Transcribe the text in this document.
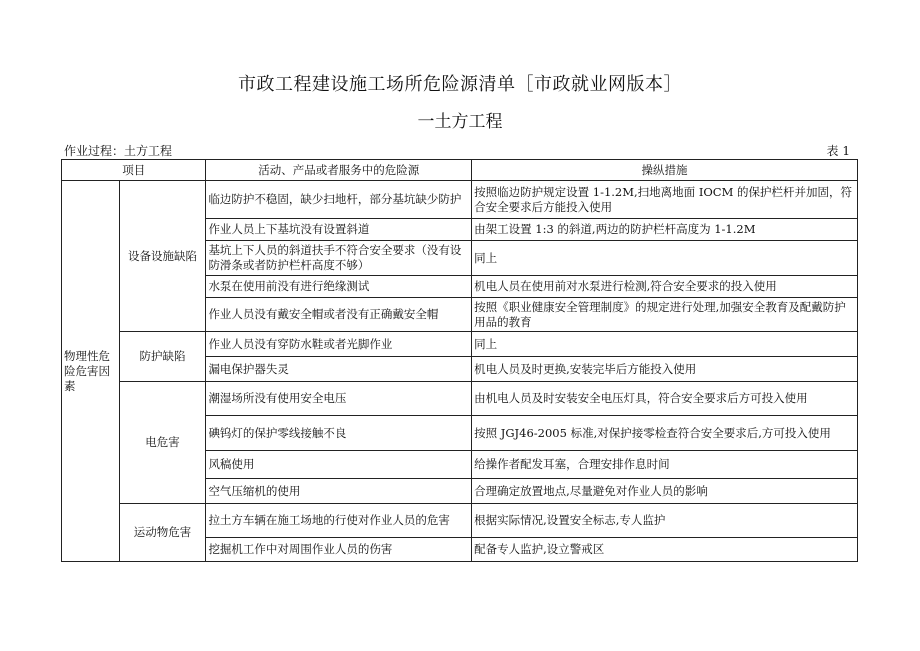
市政工程建设施工场所危险源清单［市政就业网版本］
一土方工程
作业过程：土方工程	表 1
项目		活动、产品或者服务中的危险源	操纵措施
物理性危险危害因素	设备设施缺陷	临边防护不稳固，缺少扫地杆，部分基坑缺少防护	按照临边防护规定设置 1-1.2M,扫地离地面 IOCM 的保护栏杆并加固，符合安全要求后方能投入使用
		作业人员上下基坑没有设置斜道	由架工设置 1:3 的斜道,两边的防护栏杆高度为 1-1.2M
		基坑上下人员的斜道扶手不符合安全要求（没有设防滑条或者防护栏杆高度不够）	同上
		水泵在使用前没有进行绝缘测试	机电人员在使用前对水泵进行检测,符合安全要求的投入使用
		作业人员没有戴安全帽或者没有正确戴安全帽	按照《职业健康安全管理制度》的规定进行处理,加强安全教育及配戴防护用品的教育
	防护缺陷	作业人员没有穿防水鞋或者光脚作业	同上
		漏电保护器失灵	机电人员及时更换,安装完毕后方能投入使用
	电危害	潮湿场所没有使用安全电压	由机电人员及时安装安全电压灯具，符合安全要求后方可投入使用
		碘钨灯的保护零线接触不良	按照 JGJ46-2005 标准,对保护接零检查符合安全要求后,方可投入使用
		风稿使用	给操作者配发耳塞，合理安排作息时间
		空气压缩机的使用	合理确定放置地点,尽量避免对作业人员的影响
	运动物危害	拉土方车辆在施工场地的行使对作业人员的危害	根据实际情况,设置安全标志,专人监护
		挖掘机工作中对周围作业人员的伤害	配备专人监护,设立警戒区
